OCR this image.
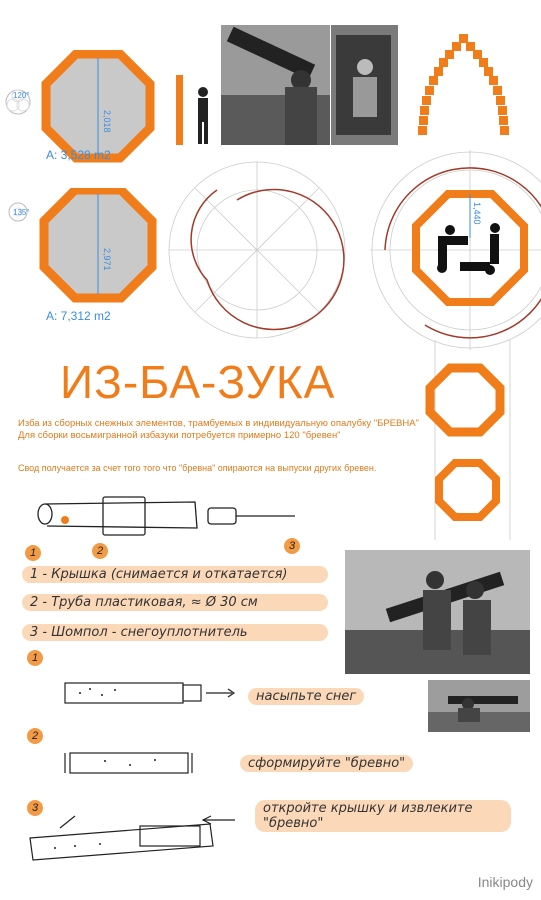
2,018
120°
А: 3,528 m2
2,971
135°
А: 7,312 m2
1,440
ИЗ-БА-ЗУКА
Изба из сборных снежных элементов, трамбуемых в индивидуальную опалубку "БРЕВНА"
Для сборки восьмигранной избазуки потребуется примерно 120 "бревен"
Свод получается за счет того того что "бревна" опираются на выпуски других бревен.
1	2	3
1 - Крышка (снимается и откатается)
2 - Труба пластиковая, ≈ Ø 30 см
3 - Шомпол - снегоуплотнитель
1
насыпьте снег
2
сформируйте "бревно"
3	откройте крышку и извлеките "бревно"
Inikipody
